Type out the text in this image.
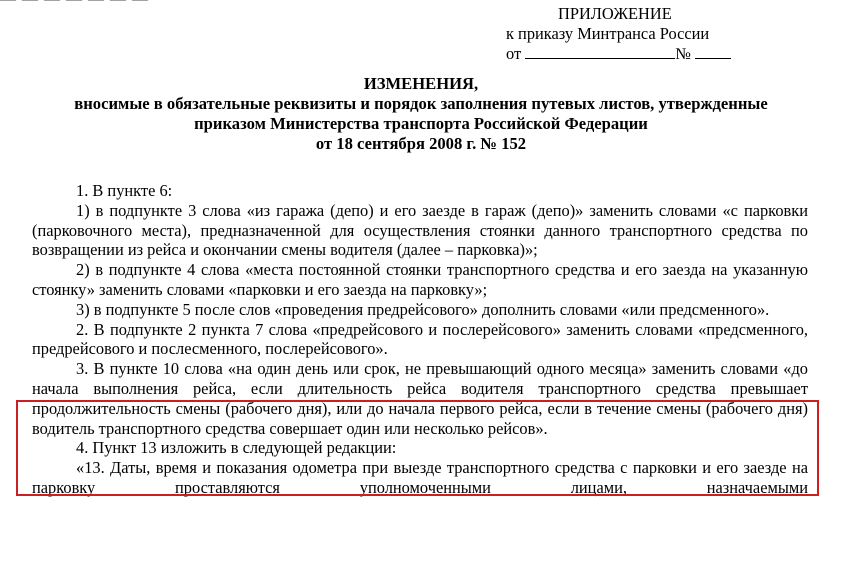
ПРИЛОЖЕНИЕ
к приказу Минтранса России
от	№
ИЗМЕНЕНИЯ,
вносимые в обязательные реквизиты и порядок заполнения путевых листов, утвержденные
приказом Министерства транспорта Российской Федерации
от 18 сентября 2008 г. № 152

1. В пункте 6:

1) в подпункте 3 слова «из гаража (депо) и его заезде в гараж (депо)» заменить словами «с парковки (парковочного места), предназначенной для осуществления стоянки данного транспортного средства по возвращении из рейса и окончании смены водителя (далее – парковка)»;

2) в подпункте 4 слова «места постоянной стоянки транспортного средства и его заезда на указанную стоянку» заменить словами «парковки и его заезда на парковку»;

3) в подпункте 5 после слов «проведения предрейсового» дополнить словами «или предсменного».

2. В подпункте 2 пункта 7 слова «предрейсового и послерейсового» заменить словами «предсменного, предрейсового и послесменного, послерейсового».

3. В пункте 10 слова «на один день или срок, не превышающий одного месяца» заменить словами «до начала выполнения рейса, если длительность рейса водителя транспортного средства превышает продолжительность смены (рабочего дня), или до начала первого рейса, если в течение смены (рабочего дня) водитель транспортного средства совершает один или несколько рейсов».

4. Пункт 13 изложить в следующей редакции:

«13. Даты, время и показания одометра при выезде транспортного средства с парковки и его заезде на парковку проставляются уполномоченными лицами, назначаемыми
